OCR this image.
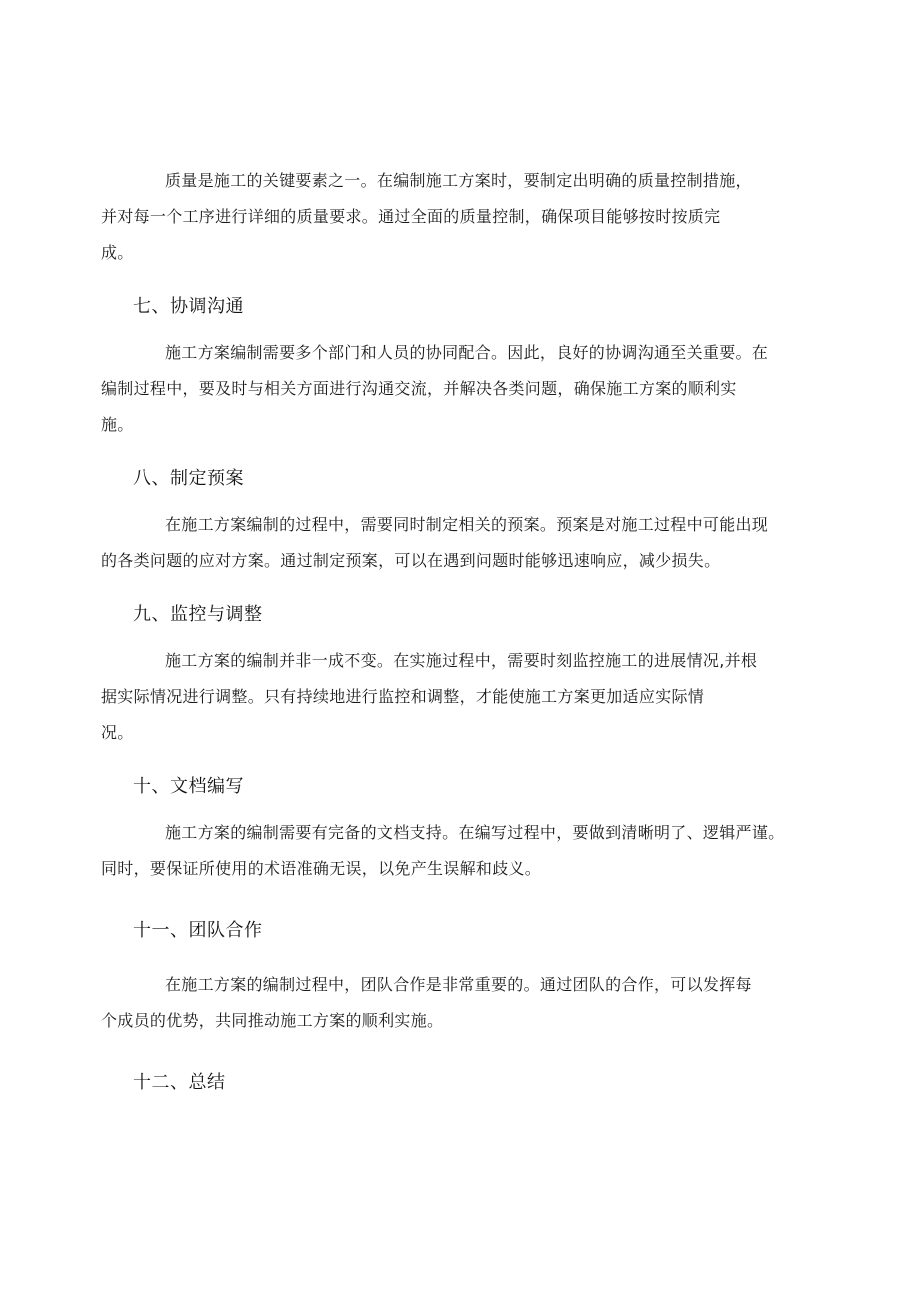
质量是施工的关键要素之一。在编制施工方案时，要制定出明确的质量控制措施，
并对每一个工序进行详细的质量要求。通过全面的质量控制，确保项目能够按时按质完
成。

七、协调沟通

施工方案编制需要多个部门和人员的协同配合。因此，良好的协调沟通至关重要。在
编制过程中，要及时与相关方面进行沟通交流，并解决各类问题，确保施工方案的顺利实
施。

八、制定预案

在施工方案编制的过程中，需要同时制定相关的预案。预案是对施工过程中可能出现
的各类问题的应对方案。通过制定预案，可以在遇到问题时能够迅速响应，减少损失。

九、监控与调整

施工方案的编制并非一成不变。在实施过程中，需要时刻监控施工的进展情况,并根
据实际情况进行调整。只有持续地进行监控和调整，才能使施工方案更加适应实际情
况。

十、文档编写

施工方案的编制需要有完备的文档支持。在编写过程中，要做到清晰明了、逻辑严谨。
同时，要保证所使用的术语准确无误，以免产生误解和歧义。

十一、团队合作

在施工方案的编制过程中，团队合作是非常重要的。通过团队的合作，可以发挥每
个成员的优势，共同推动施工方案的顺利实施。

十二、总结
